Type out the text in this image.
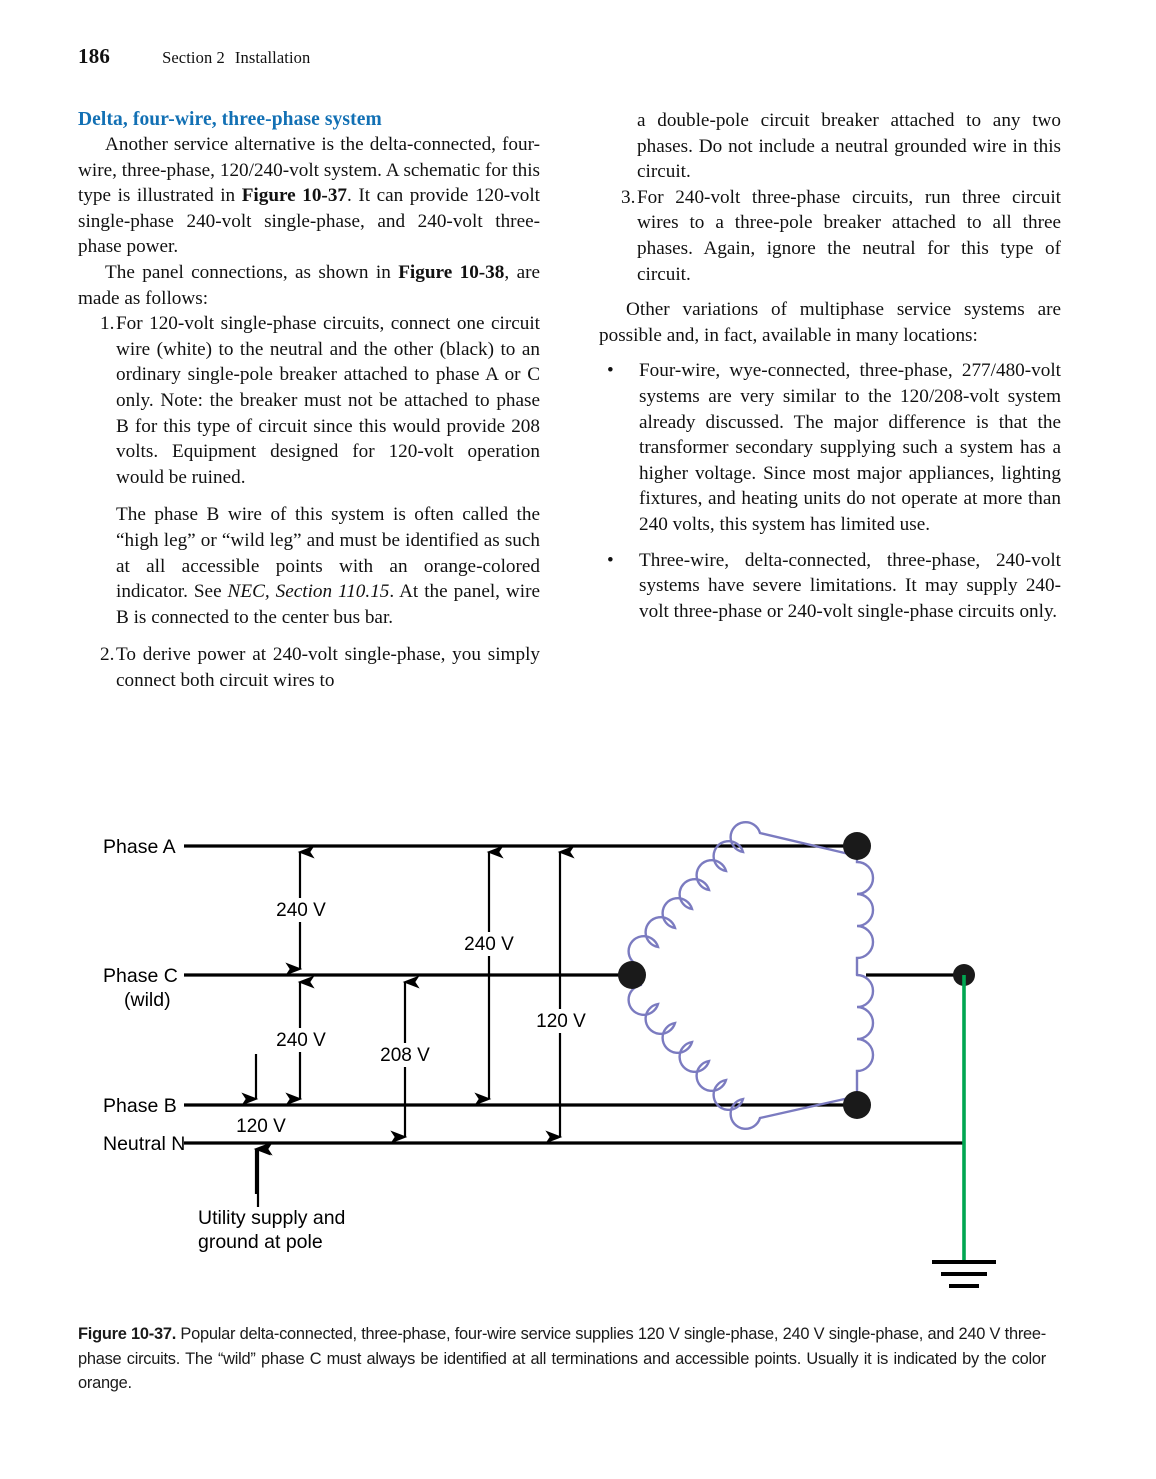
186	Section 2 Installation
Delta, four-wire, three-phase system

Another service alternative is the delta-connected, four-wire, three-phase, 120/240-volt system. A schematic for this type is illustrated in Figure 10-37. It can provide 120-volt single-phase 240-volt single-phase, and 240-volt three-phase power.

The panel connections, as shown in Figure 10-38, are made as follows:

1. For 120-volt single-phase circuits, connect one circuit wire (white) to the neutral and the other (black) to an ordinary single-pole breaker attached to phase A or C only. Note: the breaker must not be attached to phase B for this type of circuit since this would provide 208 volts. Equipment designed for 120-volt operation would be ruined.
The phase B wire of this system is often called the “high leg” or “wild leg” and must be identified as such at all accessible points with an orange-colored indicator. See NEC, Section 110.15. At the panel, wire B is connected to the center bus bar.
2. To derive power at 240-volt single-phase, you simply connect both circuit wires to
a double-pole circuit breaker attached to any two phases. Do not include a neutral grounded wire in this circuit.
3. For 240-volt three-phase circuits, run three circuit wires to a three-pole breaker attached to all three phases. Again, ignore the neutral for this type of circuit.

Other variations of multiphase service systems are possible and, in fact, available in many locations:

• Four-wire, wye-connected, three-phase, 277/480-volt systems are very similar to the 120/208-volt system already discussed. The major difference is that the transformer secondary supplying such a system has a higher voltage. Since most major appliances, lighting fixtures, and heating units do not operate at more than 240 volts, this system has limited use.
• Three-wire, delta-connected, three-phase, 240-volt systems have severe limitations. It may supply 240-volt three-phase or 240-volt single-phase circuits only.
240 V
240 V
120 V
208 V
240 V
120 V
Phase A
Phase C
(wild)
Phase B
Neutral N
Utility supply and
ground at pole
Figure 10-37. Popular delta-connected, three-phase, four-wire service supplies 120 V single-phase, 240 V single-phase, and 240 V three-phase circuits. The “wild” phase C must always be identified at all terminations and accessible points. Usually it is indicated by the color orange.
